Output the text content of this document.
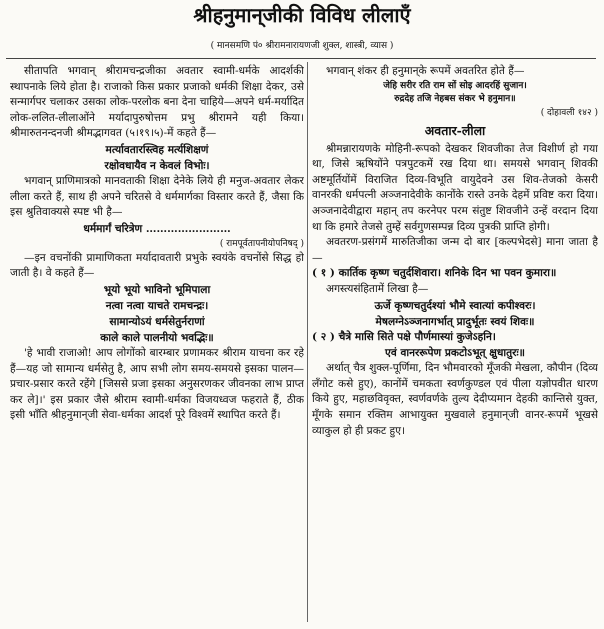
श्रीहनुमान्‌जीकी विविध लीलाएँ
( मानसमणि पं० श्रीरामनारायणजी शुक्ल, शास्त्री, व्यास )

सीतापति भगवान् श्रीरामचन्द्रजीका अवतार स्वामी-धर्मके आदर्शकी स्थापनाके लिये होता है। राजाको किस प्रकार प्रजाको धर्मकी शिक्षा देकर, उसे सन्मार्गपर चलाकर उसका लोक-परलोक बना देना चाहिये—अपने धर्म-मर्यादित लोक-ललित-लीलाओंने मर्यादापुरुषोत्तम प्रभु श्रीरामने यही किया। श्रीमारुतनन्दनजी श्रीमद्भागवत (५।१९।५)-में कहते हैं—

मर्त्यावतारस्त्विह मर्त्यशिक्षणं

रक्षोवधायैव न केवलं विभोः।

भगवान् प्राणिमात्रको मानवताकी शिक्षा देनेके लिये ही मनुज-अवतार लेकर लीला करते हैं, साथ ही अपने चरितसे वे धर्ममार्गका विस्तार करते हैं, जैसा कि इस श्रुतिवाक्यसे स्पष्ट भी है—

धर्ममार्गं चरित्रेण ……………………

( रामपूर्वतापनीयोपनिषद् )

—इन वचनोंकी प्रामाणिकता मर्यादावतारी प्रभुके स्वयंके वचनोंसे सिद्ध हो जाती है। वे कहते हैं—

भूयो भूयो भाविनो भूमिपाला

नत्वा नत्वा याचते रामचन्द्रः।

सामान्योऽयं धर्मसेतुर्नराणां

काले काले पालनीयो भवद्भिः॥

'हे भावी राजाओ! आप लोगोंको बारम्बार प्रणामकर श्रीराम याचना कर रहे हैं—यह जो सामान्य धर्मसेतु है, आप सभी लोग समय-समयसे इसका पालन—प्रचार-प्रसार करते रहेंगे [जिससे प्रजा इसका अनुसरणकर जीवनका लाभ प्राप्त कर ले]।' इस प्रकार जैसे श्रीराम स्वामी-धर्मका विजयध्वज फहराते हैं, ठीक इसी भाँति श्रीहनुमान्‌जी सेवा-धर्मका आदर्श पूरे विश्वमें स्थापित करते हैं।

भगवान् शंकर ही हनुमान्‌के रूपमें अवतरित होते हैं—

जेहि सरीर रति राम सों सोइ आदरहिं सुजान।

रुद्रदेह तजि नेहबस संकर भे हनुमान॥

( दोहावली १४२ )

अवतार-लीला

श्रीमन्नारायणके मोहिनी-रूपको देखकर शिवजीका तेज विशीर्ण हो गया था, जिसे ऋषियोंने पत्रपुटकमें रख दिया था। समयसे भगवान् शिवकी अष्टमूर्तियोंमें विराजित दिव्य-विभूति वायुदेवने उस शिव-तेजको केसरी वानरकी धर्मपत्नी अञ्जनादेवीके कानोंके रास्ते उनके देहमें प्रविष्ट करा दिया। अञ्जनादेवीद्वारा महान् तप करनेपर परम संतुष्ट शिवजीने उन्हें वरदान दिया था कि हमारे तेजसे तुम्हें सर्वगुणसम्पन्न दिव्य पुत्रकी प्राप्ति होगी।

अवतरण-प्रसंगमें मारुतिजीका जन्म दो बार [कल्पभेदसे] माना जाता है—

( १ ) कार्तिक कृष्ण चतुर्दशिवारा। शनिके दिन भा पवन कुमारा॥

अगस्त्यसंहितामें लिखा है—

ऊर्जे कृष्णचतुर्दश्यां भौमे स्वात्यां कपीश्वरः।

मेषलग्नेऽञ्जनागर्भात् प्रादुर्भूतः स्वयं शिवः॥

( २ ) चैत्रे मासि सिते पक्षे पौर्णमास्यां कुजेऽहनि।

एवं वानररूपेण प्रकटोऽभूत् क्षुधातुरः॥

अर्थात् चैत्र शुक्ल-पूर्णिमा, दिन भौमवारको मूँजकी मेखला, कौपीन (दिव्य लँगोट कसे हुए), कानोंमें चमकता स्वर्णकुण्डल एवं पीला यज्ञोपवीत धारण किये हुए, महाछविवृक्त, स्वर्णवर्णके तुल्य देदीप्यमान देहकी कान्तिसे युक्त, मूँगके समान रक्तिम आभायुक्त मुखवाले हनुमान्‌जी वानर-रूपमें भूखसे व्याकुल हो ही प्रकट हुए।
